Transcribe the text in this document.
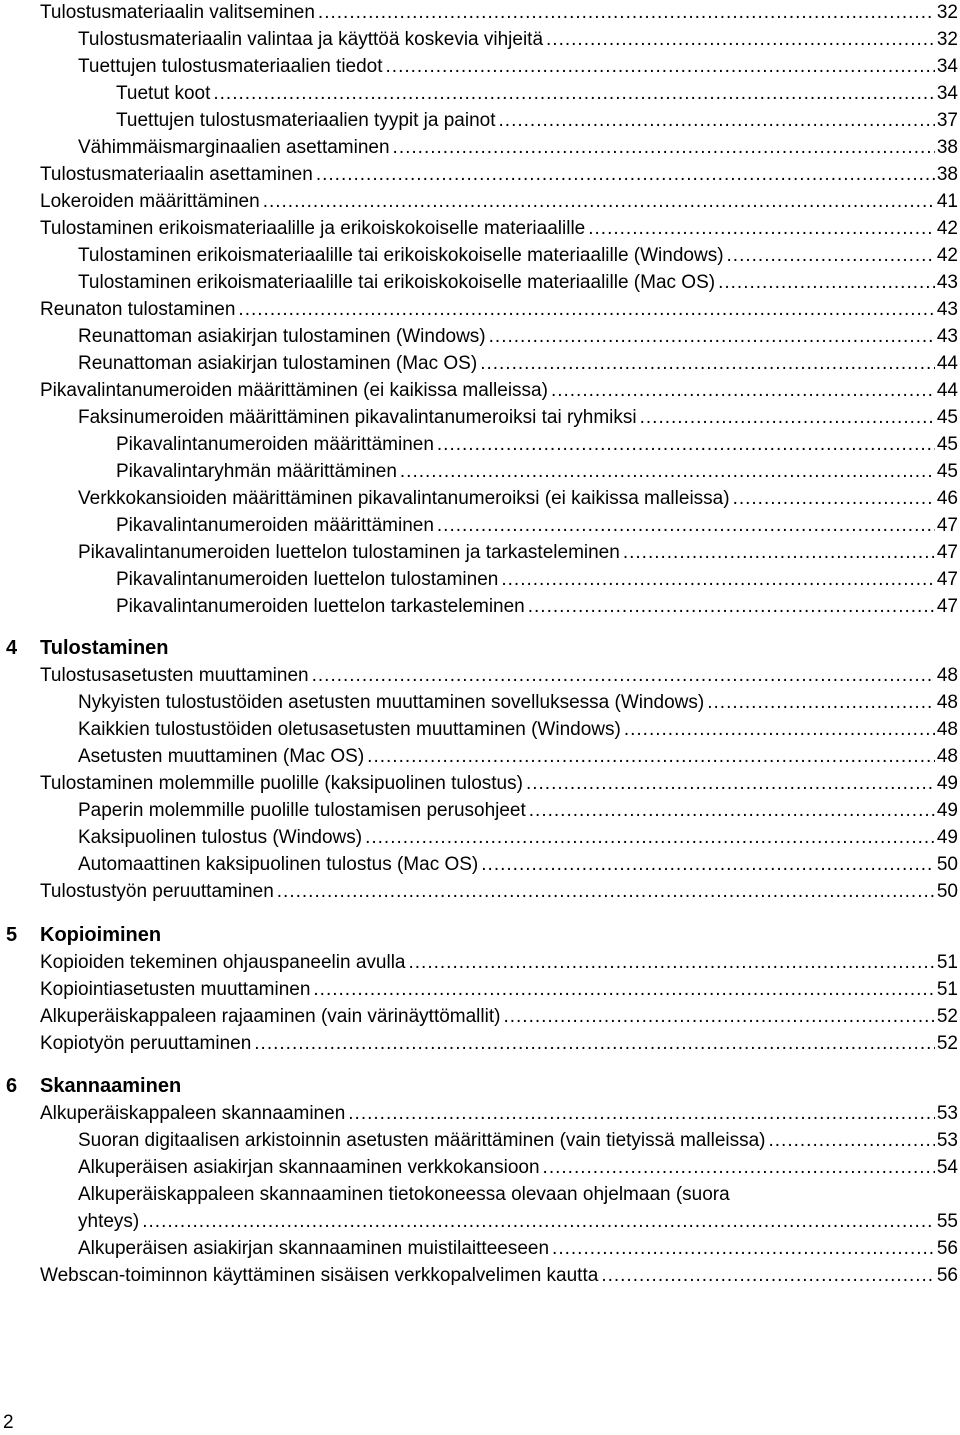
Tulostusmateriaalin valitseminen .....	32
Tulostusmateriaalin valintaa ja käyttöä koskevia vihjeitä .....	32
Tuettujen tulostusmateriaalien tiedot .....	34
Tuetut koot .....	34
Tuettujen tulostusmateriaalien tyypit ja painot .....	37
Vähimmäismarginaalien asettaminen .....	38
Tulostusmateriaalin asettaminen .....	38
Lokeroiden määrittäminen .....	41
Tulostaminen erikoismateriaalille ja erikoiskokoiselle materiaalille .....	42
Tulostaminen erikoismateriaalille tai erikoiskokoiselle materiaalille (Windows) .....	42
Tulostaminen erikoismateriaalille tai erikoiskokoiselle materiaalille (Mac OS) .....	43
Reunaton tulostaminen .....	43
Reunattoman asiakirjan tulostaminen (Windows) .....	43
Reunattoman asiakirjan tulostaminen (Mac OS) .....	44
Pikavalintanumeroiden määrittäminen (ei kaikissa malleissa) .....	44
Faksinumeroiden määrittäminen pikavalintanumeroiksi tai ryhmiksi .....	45
Pikavalintanumeroiden määrittäminen .....	45
Pikavalintaryhmän määrittäminen .....	45
Verkkokansioiden määrittäminen pikavalintanumeroiksi (ei kaikissa malleissa) .....	46
Pikavalintanumeroiden määrittäminen .....	47
Pikavalintanumeroiden luettelon tulostaminen ja tarkasteleminen .....	47
Pikavalintanumeroiden luettelon tulostaminen .....	47
Pikavalintanumeroiden luettelon tarkasteleminen .....	47
4 Tulostaminen
Tulostusasetusten muuttaminen .....	48
Nykyisten tulostustöiden asetusten muuttaminen sovelluksessa (Windows) .....	48
Kaikkien tulostustöiden oletusasetusten muuttaminen (Windows) .....	48
Asetusten muuttaminen (Mac OS) .....	48
Tulostaminen molemmille puolille (kaksipuolinen tulostus) .....	49
Paperin molemmille puolille tulostamisen perusohjeet .....	49
Kaksipuolinen tulostus (Windows) .....	49
Automaattinen kaksipuolinen tulostus (Mac OS) .....	50
Tulostustyön peruuttaminen .....	50
5 Kopioiminen
Kopioiden tekeminen ohjauspaneelin avulla .....	51
Kopiointiasetusten muuttaminen .....	51
Alkuperäiskappaleen rajaaminen (vain värinäyttömallit) .....	52
Kopiotyön peruuttaminen .....	52
6 Skannaaminen
Alkuperäiskappaleen skannaaminen .....	53
Suoran digitaalisen arkistoinnin asetusten määrittäminen (vain tietyissä malleissa) .....	53
Alkuperäisen asiakirjan skannaaminen verkkokansioon .....	54
Alkuperäiskappaleen skannaaminen tietokoneessa olevaan ohjelmaan (suora
yhteys) .....	55
Alkuperäisen asiakirjan skannaaminen muistilaitteeseen .....	56
Webscan-toiminnon käyttäminen sisäisen verkkopalvelimen kautta .....	56
2
